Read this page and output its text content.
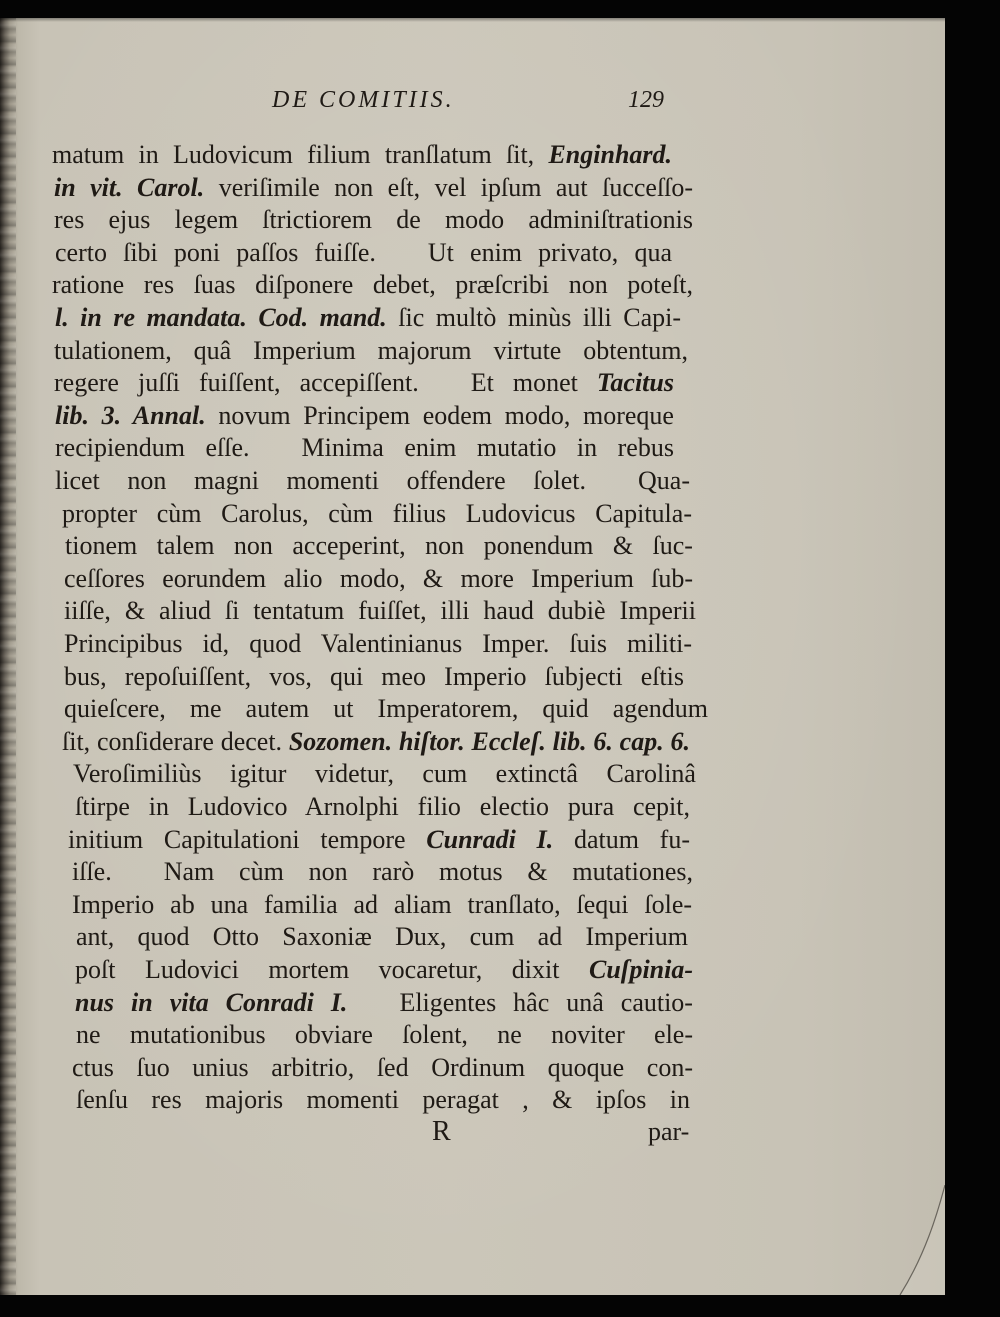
DE COMITIIS.	129
matum in Ludovicum filium tranſlatum ſit, Enginhard.
in vit. Carol. veriſimile non eſt, vel ipſum aut ſucceſſo-
res ejus legem ſtrictiorem de modo adminiſtrationis
certo ſibi poni paſſos fuiſſe.  Ut enim privato, qua
ratione res ſuas diſponere debet, præſcribi non poteſt,
l. in re mandata. Cod. mand. ſic multò minùs illi Capi-
tulationem, quâ Imperium majorum virtute obtentum,
regere juſſi fuiſſent, accepiſſent.  Et monet Tacitus
lib. 3. Annal. novum Principem eodem modo, moreque
recipiendum eſſe.  Minima enim mutatio in rebus
licet non magni momenti offendere ſolet.  Qua-
propter cùm Carolus, cùm filius Ludovicus Capitula-
tionem talem non acceperint, non ponendum & ſuc-
ceſſores eorundem alio modo, & more Imperium ſub-
iiſſe, & aliud ſi tentatum fuiſſet, illi haud dubiè Imperii
Principibus id, quod Valentinianus Imper. ſuis militi-
bus, repoſuiſſent, vos, qui meo Imperio ſubjecti eſtis
quieſcere, me autem ut Imperatorem, quid agendum
ſit, conſiderare decet. Sozomen. hiſtor. Eccleſ. lib. 6. cap. 6.
Veroſimiliùs igitur videtur, cum extinctâ Carolinâ
ſtirpe in Ludovico Arnolphi filio electio pura cepit,
initium Capitulationi tempore Cunradi I. datum fu-
iſſe.  Nam cùm non rarò motus & mutationes,
Imperio ab una familia ad aliam tranſlato, ſequi ſole-
ant, quod Otto Saxoniæ Dux, cum ad Imperium
poſt Ludovici mortem vocaretur, dixit Cuſpinia-
nus in vita Conradi I.  Eligentes hâc unâ cautio-
ne mutationibus obviare ſolent, ne noviter ele-
ctus ſuo unius arbitrio, ſed Ordinum quoque con-
ſenſu res majoris momenti peragat , & ipſos in
R	par-
